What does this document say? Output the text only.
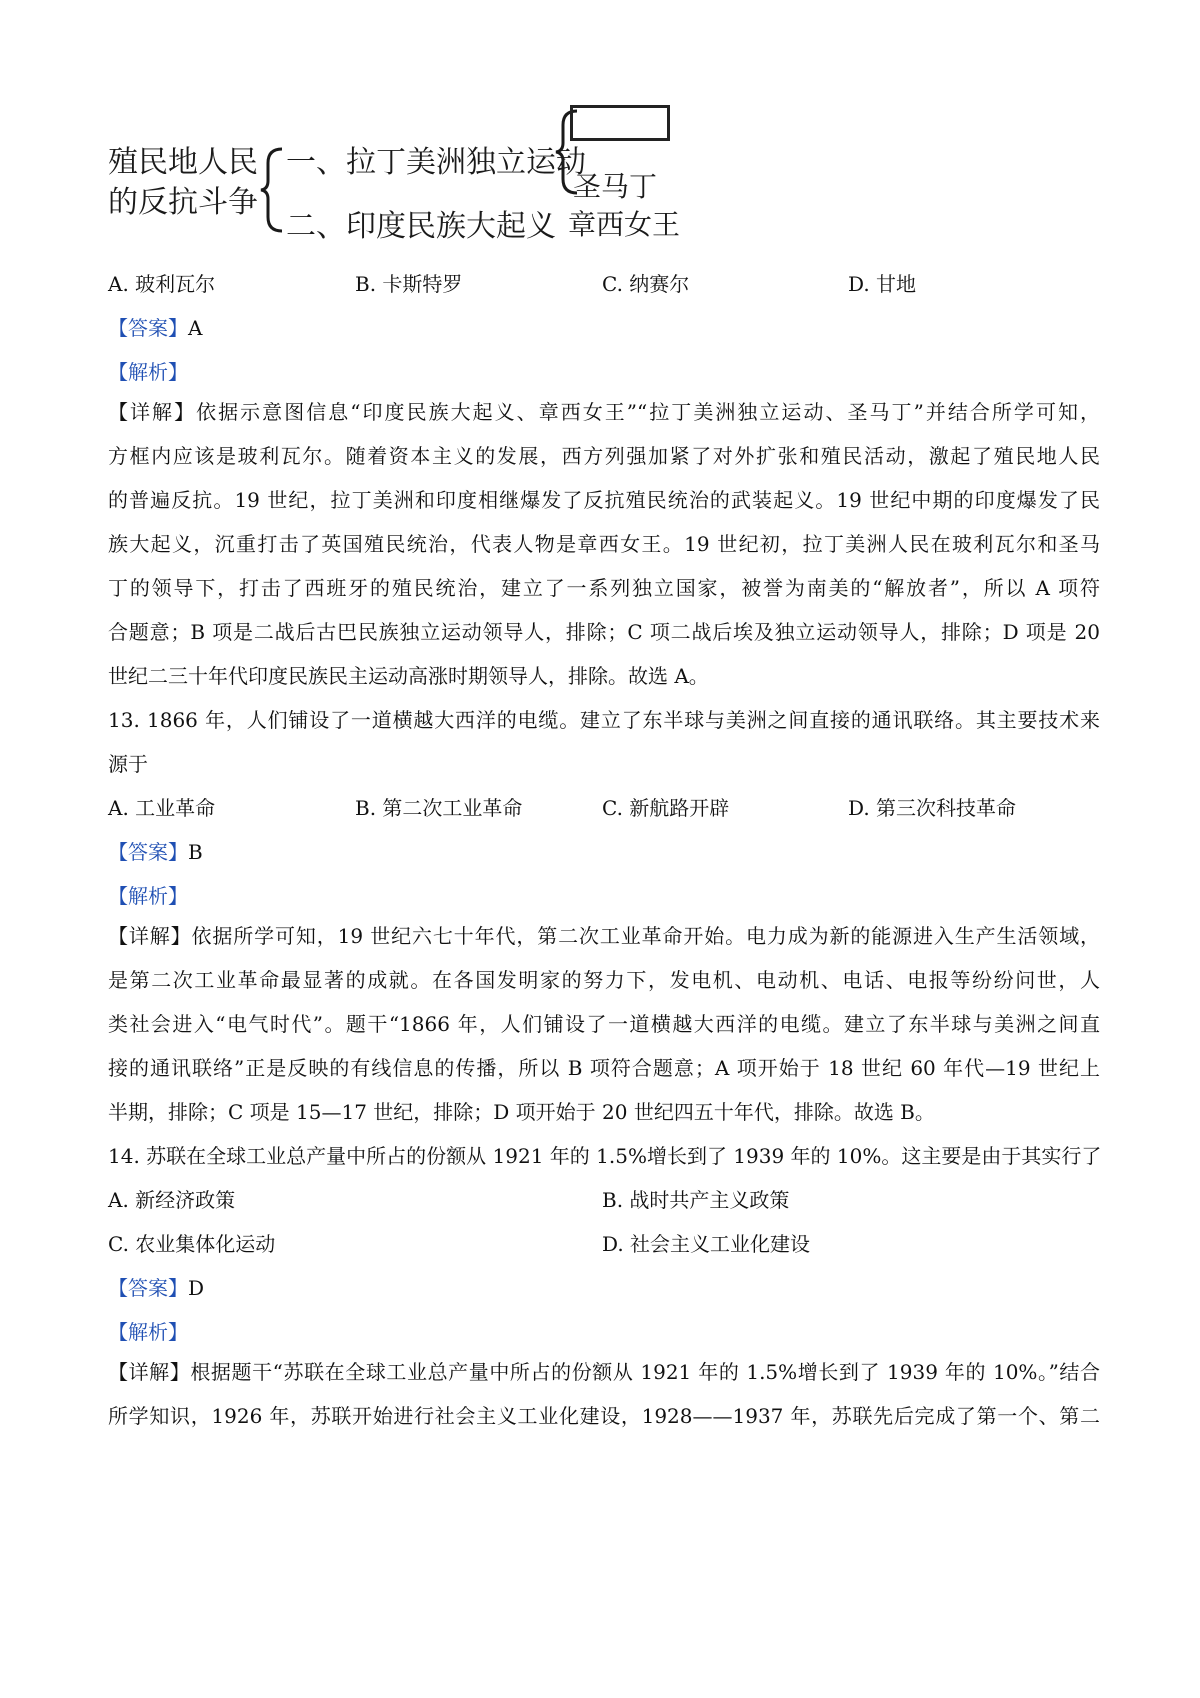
殖民地人民
的反抗斗争
一、拉丁美洲独立运动
二、印度民族大起义
圣马丁
章西女王
A. 玻利瓦尔	B. 卡斯特罗	C. 纳赛尔	D. 甘地
【答案】A
【解析】
【详解】依据示意图信息“印度民族大起义、章西女王”“拉丁美洲独立运动、圣马丁”并结合所学可知，
方框内应该是玻利瓦尔。随着资本主义的发展，西方列强加紧了对外扩张和殖民活动，激起了殖民地人民
的普遍反抗。19 世纪，拉丁美洲和印度相继爆发了反抗殖民统治的武装起义。19 世纪中期的印度爆发了民
族大起义，沉重打击了英国殖民统治，代表人物是章西女王。19 世纪初，拉丁美洲人民在玻利瓦尔和圣马
丁的领导下，打击了西班牙的殖民统治，建立了一系列独立国家，被誉为南美的“解放者”，所以 A 项符
合题意；B 项是二战后古巴民族独立运动领导人，排除；C 项二战后埃及独立运动领导人，排除；D 项是 20
世纪二三十年代印度民族民主运动高涨时期领导人，排除。故选 A。
13. 1866 年，人们铺设了一道横越大西洋的电缆。建立了东半球与美洲之间直接的通讯联络。其主要技术来
源于
A. 工业革命	B. 第二次工业革命	C. 新航路开辟	D. 第三次科技革命
【答案】B
【解析】
【详解】依据所学可知，19 世纪六七十年代，第二次工业革命开始。电力成为新的能源进入生产生活领域，
是第二次工业革命最显著的成就。在各国发明家的努力下，发电机、电动机、电话、电报等纷纷问世，人
类社会进入“电气时代”。题干“1866 年，人们铺设了一道横越大西洋的电缆。建立了东半球与美洲之间直
接的通讯联络”正是反映的有线信息的传播，所以 B 项符合题意；A 项开始于 18 世纪 60 年代—19 世纪上
半期，排除；C 项是 15—17 世纪，排除；D 项开始于 20 世纪四五十年代，排除。故选 B。
14. 苏联在全球工业总产量中所占的份额从 1921 年的 1.5%增长到了 1939 年的 10%。这主要是由于其实行了
A. 新经济政策	B. 战时共产主义政策
C. 农业集体化运动	D. 社会主义工业化建设
【答案】D
【解析】
【详解】根据题干“苏联在全球工业总产量中所占的份额从 1921 年的 1.5%增长到了 1939 年的 10%。”结合
所学知识，1926 年，苏联开始进行社会主义工业化建设，1928——1937 年，苏联先后完成了第一个、第二
